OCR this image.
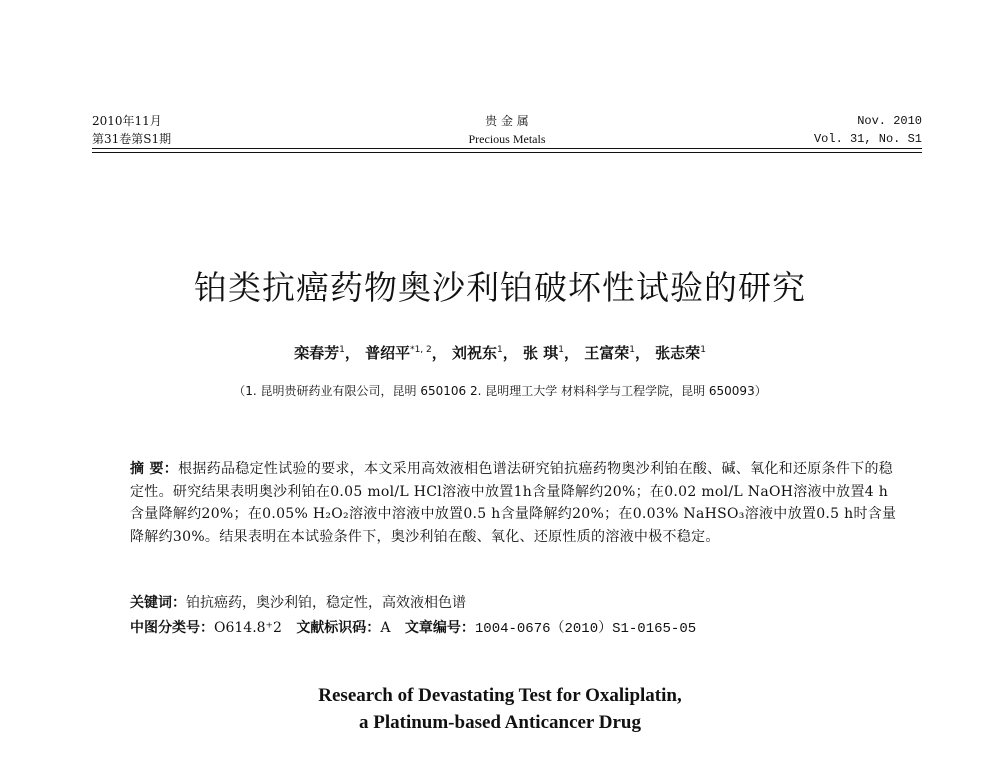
2010年11月
第31卷第S1期
贵 金 属
Precious Metals
Nov. 2010
Vol. 31, No. S1
铂类抗癌药物奥沙利铂破坏性试验的研究
栾春芳$^1$， 普绍平$^{*1, 2}$， 刘祝东$^1$， 张 琪$^1$， 王富荣$^1$， 张志荣$^1$
（1. 昆明贵研药业有限公司，昆明 650106 2. 昆明理工大学 材料科学与工程学院，昆明 650093）
摘 要：根据药品稳定性试验的要求，本文采用高效液相色谱法研究铂抗癌药物奥沙利铂在酸、碱、氧化和还原条件下的稳定性。研究结果表明奥沙利铂在0.05 mol/L HCl溶液中放置1h含量降解约20%；在0.02 mol/L NaOH溶液中放置4 h含量降解约20%；在0.05% H₂O₂溶液中溶液中放置0.5 h含量降解约20%；在0.03% NaHSO₃溶液中放置0.5 h时含量降解约30%。结果表明在本试验条件下，奥沙利铂在酸、氧化、还原性质的溶液中极不稳定。
关键词：铂抗癌药，奥沙利铂，稳定性，高效液相色谱
中图分类号：O614.8⁺2 文献标识码：A 文章编号：1004-0676（2010）S1-0165-05
Research of Devastating Test for Oxaliplatin,
a Platinum-based Anticancer Drug
